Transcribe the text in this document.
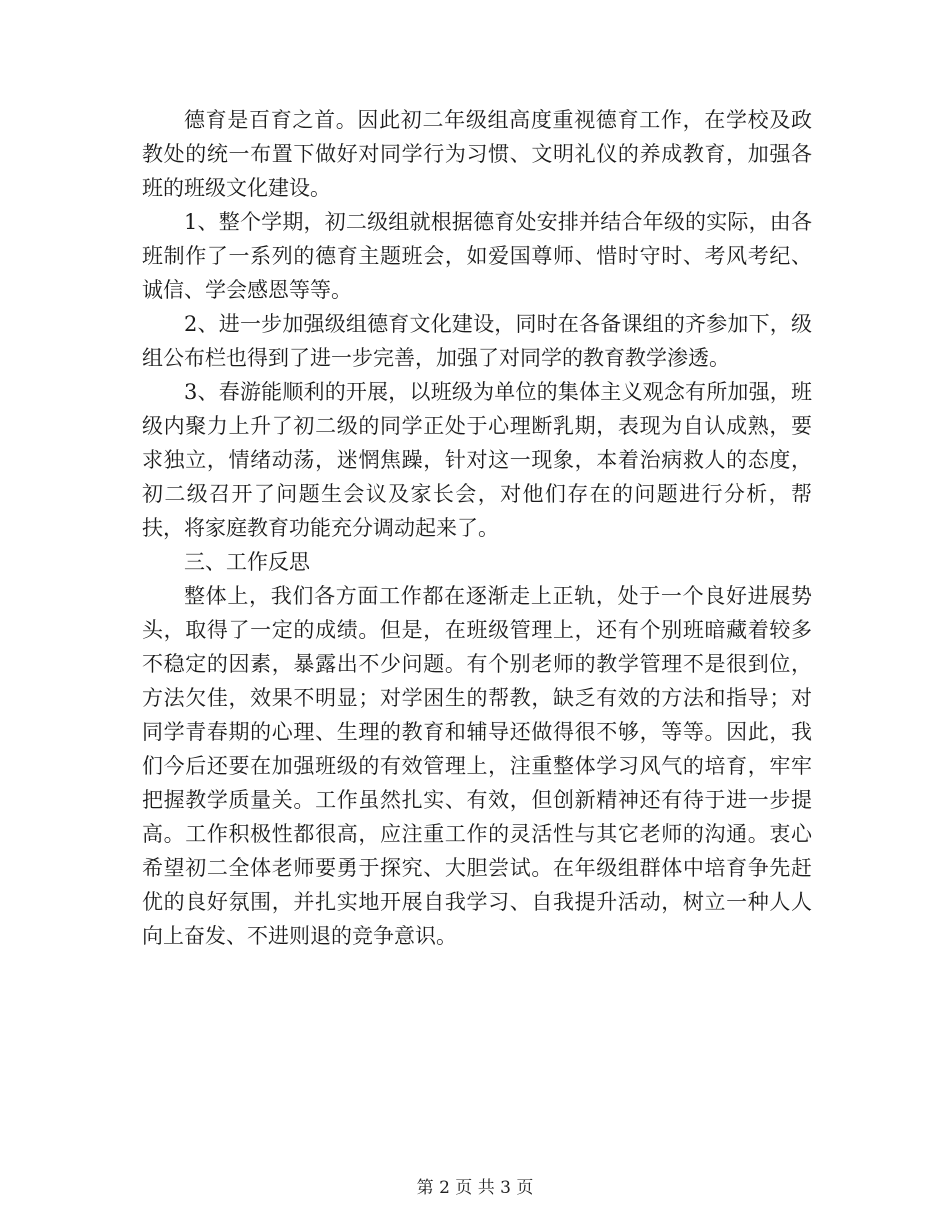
德育是百育之首。因此初二年级组高度重视德育工作，在学校及政教处的统一布置下做好对同学行为习惯、文明礼仪的养成教育，加强各班的班级文化建设。

1、整个学期，初二级组就根据德育处安排并结合年级的实际，由各班制作了一系列的德育主题班会，如爱国尊师、惜时守时、考风考纪、诚信、学会感恩等等。

2、进一步加强级组德育文化建设，同时在各备课组的齐参加下，级组公布栏也得到了进一步完善，加强了对同学的教育教学渗透。

3、春游能顺利的开展，以班级为单位的集体主义观念有所加强，班级内聚力上升了初二级的同学正处于心理断乳期，表现为自认成熟，要求独立，情绪动荡，迷惘焦躁，针对这一现象，本着治病救人的态度，初二级召开了问题生会议及家长会，对他们存在的问题进行分析，帮扶，将家庭教育功能充分调动起来了。

三、工作反思

整体上，我们各方面工作都在逐渐走上正轨，处于一个良好进展势头，取得了一定的成绩。但是，在班级管理上，还有个别班暗藏着较多不稳定的因素，暴露出不少问题。有个别老师的教学管理不是很到位，方法欠佳，效果不明显；对学困生的帮教，缺乏有效的方法和指导；对同学青春期的心理、生理的教育和辅导还做得很不够，等等。因此，我们今后还要在加强班级的有效管理上，注重整体学习风气的培育，牢牢把握教学质量关。工作虽然扎实、有效，但创新精神还有待于进一步提高。工作积极性都很高，应注重工作的灵活性与其它老师的沟通。衷心希望初二全体老师要勇于探究、大胆尝试。在年级组群体中培育争先赶优的良好氛围，并扎实地开展自我学习、自我提升活动，树立一种人人向上奋发、不进则退的竞争意识。

第 2 页 共 3 页
